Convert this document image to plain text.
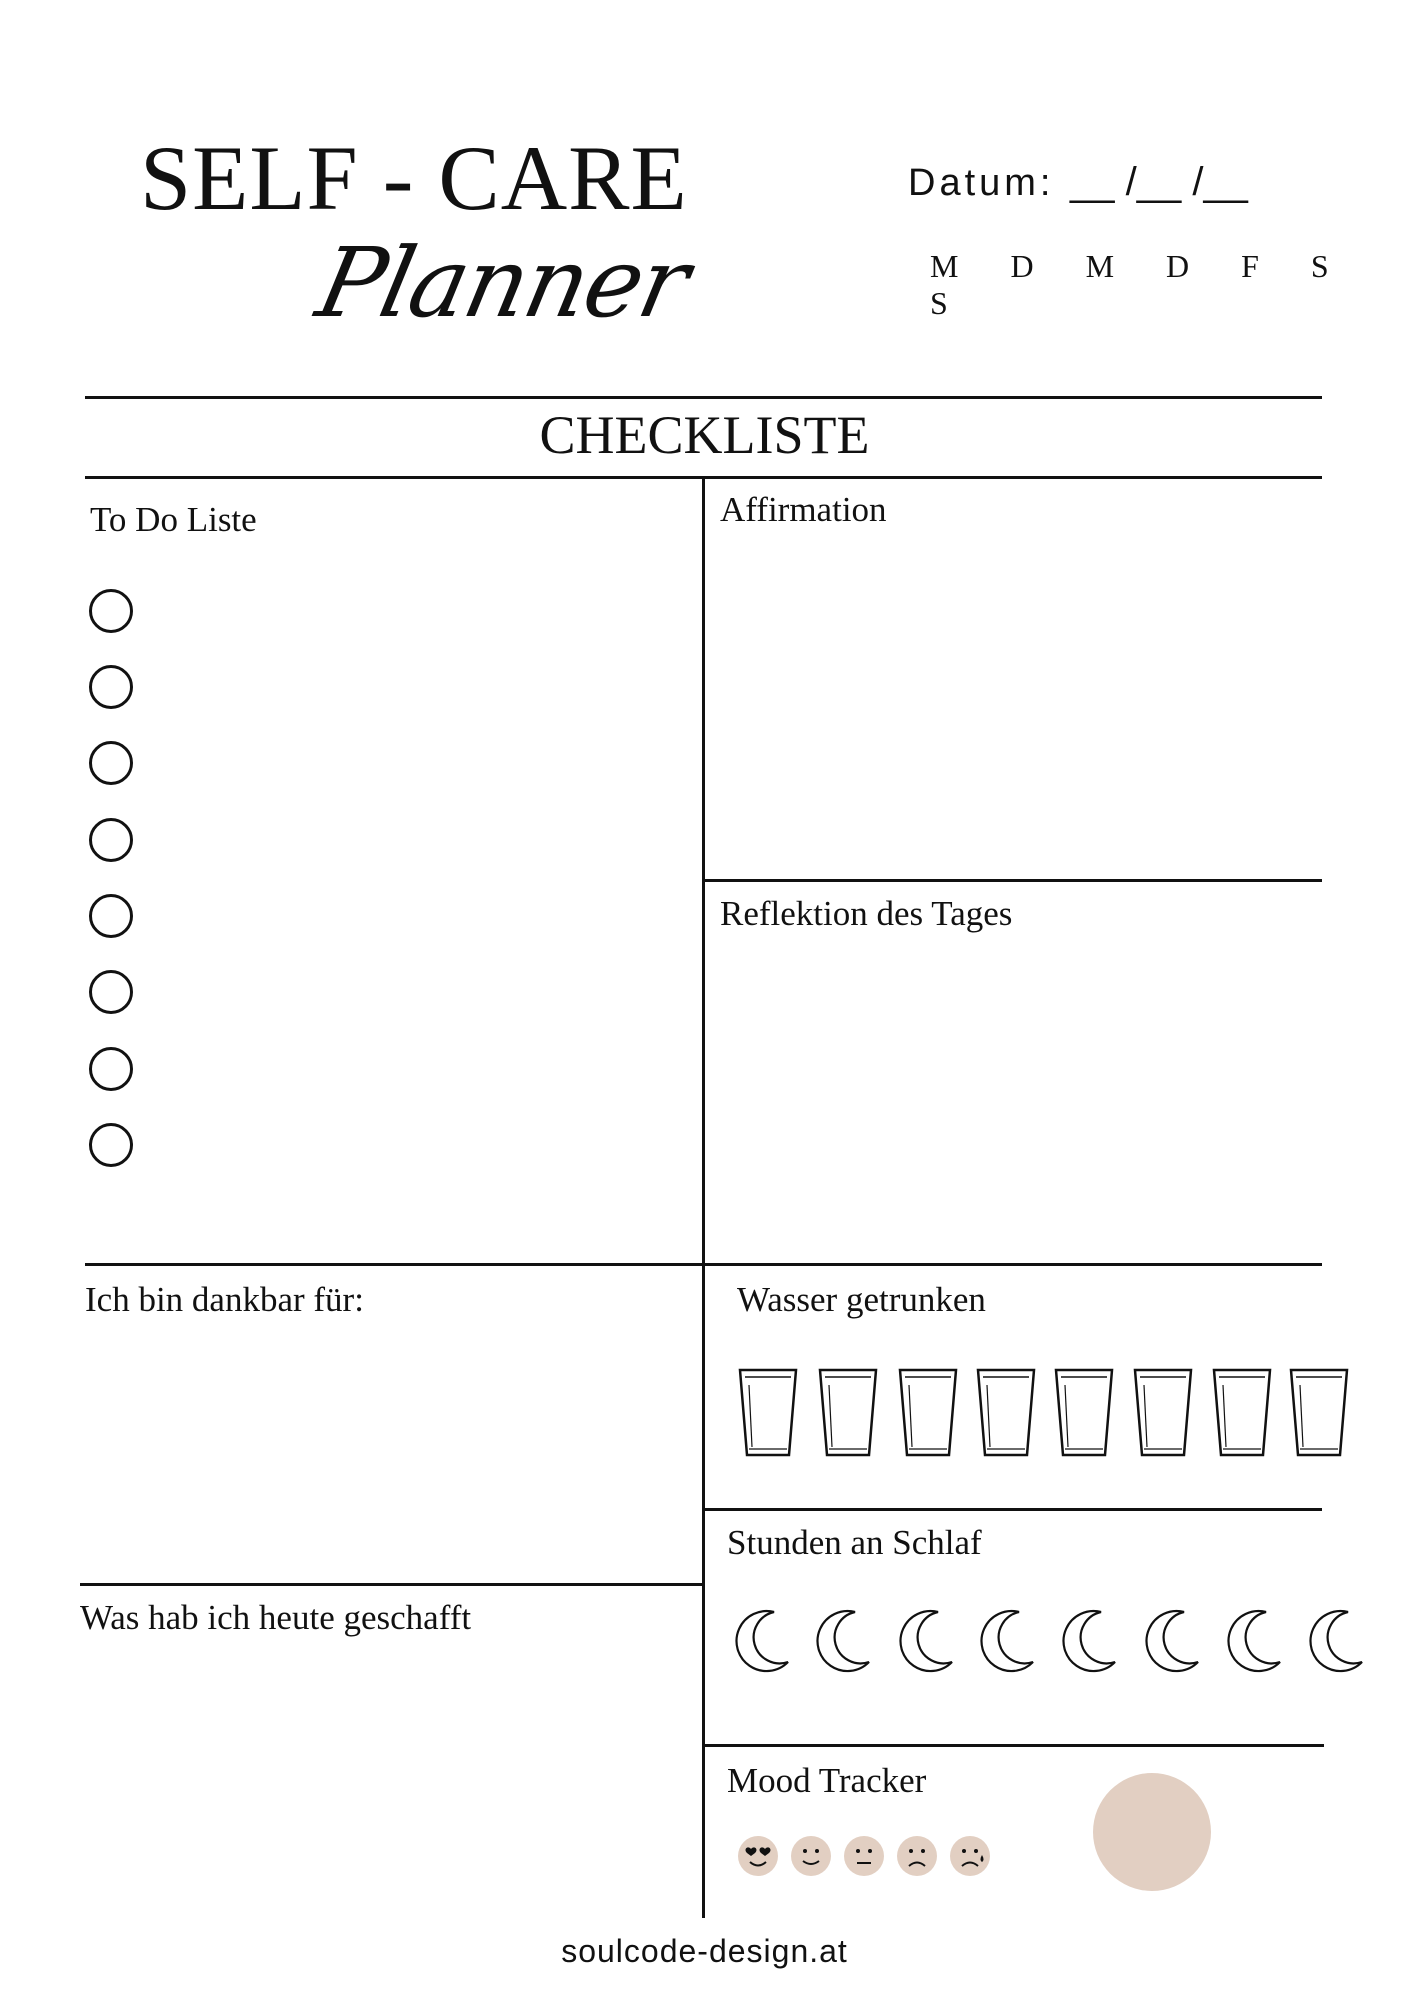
SELF - CARE
Planner
Datum: __ /__ /__
M D M D F S S
CHECKLISTE
To Do Liste	Affirmation
Reflektion des Tages
Ich bin dankbar für:
Was hab ich heute geschafft
Wasser getrunken
Stunden an Schlaf
Mood Tracker
soulcode-design.at
